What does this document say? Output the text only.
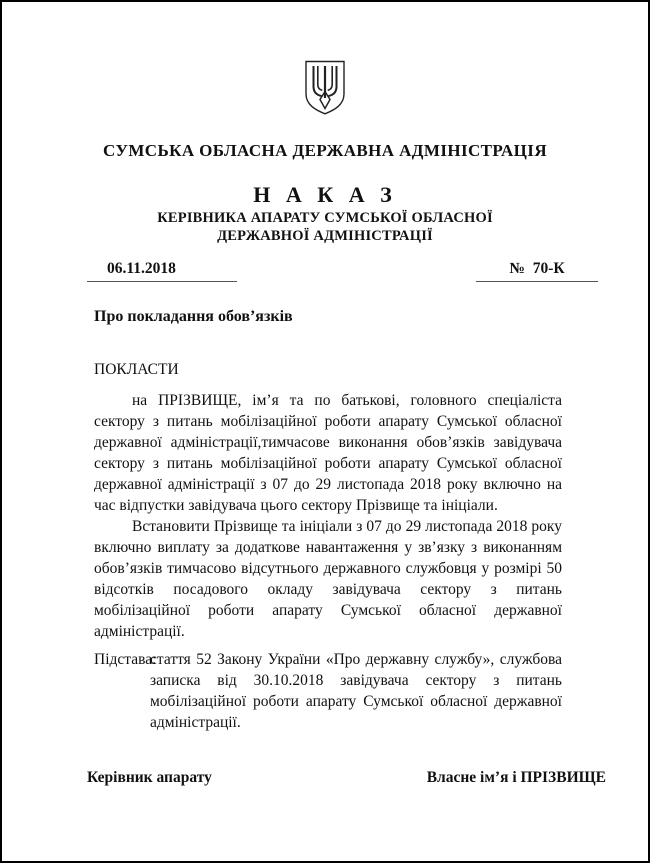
СУМСЬКА ОБЛАСНА ДЕРЖАВНА АДМІНІСТРАЦІЯ
Н А К А З
КЕРІВНИКА АПАРАТУ СУМСЬКОЇ ОБЛАСНОЇ
ДЕРЖАВНОЇ АДМІНІСТРАЦІЇ
06.11.2018	№  70-К
Про покладання обов’язків
ПОКЛАСТИ

на ПРІЗВИЩЕ, ім’я та по батькові, головного спеціаліста сектору з питань мобілізаційної роботи апарату Сумської обласної державної адміністрації,тимчасове виконання обов’язків завідувача сектору з питань мобілізаційної роботи апарату Сумської обласної державної адміністрації з 07 до 29 листопада 2018 року включно на час відпустки завідувача цього сектору Прізвище та ініціали.

Встановити Прізвище та ініціали з 07 до 29 листопада 2018 року включно виплату за додаткове навантаження у зв’язку з виконанням обов’язків тимчасово відсутнього державного службовця у розмірі 50 відсотків посадового окладу завідувача сектору з питань мобілізаційної роботи апарату Сумської обласної державної адміністрації.

Підстава:
стаття 52 Закону України «Про державну службу», службова записка від 30.10.2018 завідувача сектору з питань мобілізаційної роботи апарату Сумської обласної державної адміністрації.
Керівник апарату	Власне ім’я і ПРІЗВИЩЕ
